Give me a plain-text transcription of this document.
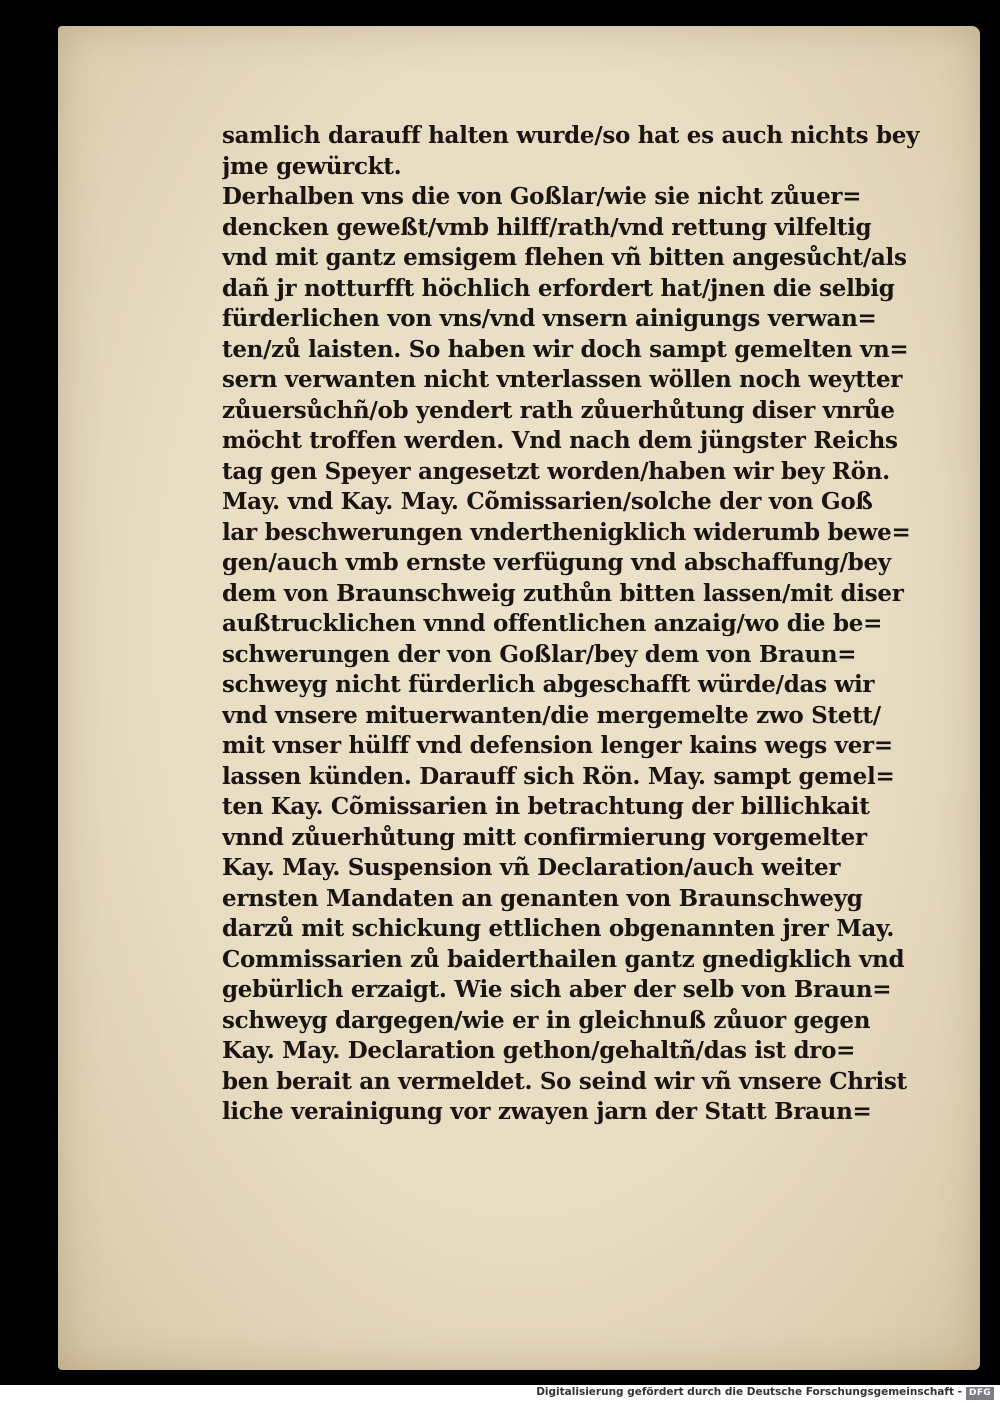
samlich darauff halten wurde/so hat es auch nichts bey
jme gewürckt.
Derhalben vns die von Goßlar/wie sie nicht zůuer=
dencken geweßt/vmb hilff/rath/vnd rettung vilfeltig
vnd mit gantz emsigem flehen vñ bitten angesůcht/als
dañ jr notturfft höchlich erfordert hat/jnen die selbig
fürderlichen von vns/vnd vnsern ainigungs verwan=
ten/zů laisten. So haben wir doch sampt gemelten vn=
sern verwanten nicht vnterlassen wöllen noch weytter
zůuersůchñ/ob yendert rath zůuerhůtung diser vnrůe
möcht troffen werden. Vnd nach dem jüngster Reichs
tag gen Speyer angesetzt worden/haben wir bey Rön.
May. vnd Kay. May. Cõmissarien/solche der von Goß
lar beschwerungen vnderthenigklich widerumb bewe=
gen/auch vmb ernste verfügung vnd abschaffung/bey
dem von Braunschweig zuthůn bitten lassen/mit diser
außtrucklichen vnnd offentlichen anzaig/wo die be=
schwerungen der von Goßlar/bey dem von Braun=
schweyg nicht fürderlich abgeschafft würde/das wir
vnd vnsere mituerwanten/die mergemelte zwo Stett/
mit vnser hülff vnd defension lenger kains wegs ver=
lassen künden. Darauff sich Rön. May. sampt gemel=
ten Kay. Cõmissarien in betrachtung der billichkait
vnnd zůuerhůtung mitt confirmierung vorgemelter
Kay. May. Suspension vñ Declaration/auch weiter
ernsten Mandaten an genanten von Braunschweyg
darzů mit schickung ettlichen obgenannten jrer May.
Commissarien zů baiderthailen gantz gnedigklich vnd
gebürlich erzaigt. Wie sich aber der selb von Braun=
schweyg dargegen/wie er in gleichnuß zůuor gegen
Kay. May. Declaration gethon/gehaltñ/das ist dro=
ben berait an vermeldet. So seind wir vñ vnsere Christ
liche verainigung vor zwayen jarn der Statt Braun=
Digitalisierung gefördert durch die Deutsche Forschungsgemeinschaft - DFG
